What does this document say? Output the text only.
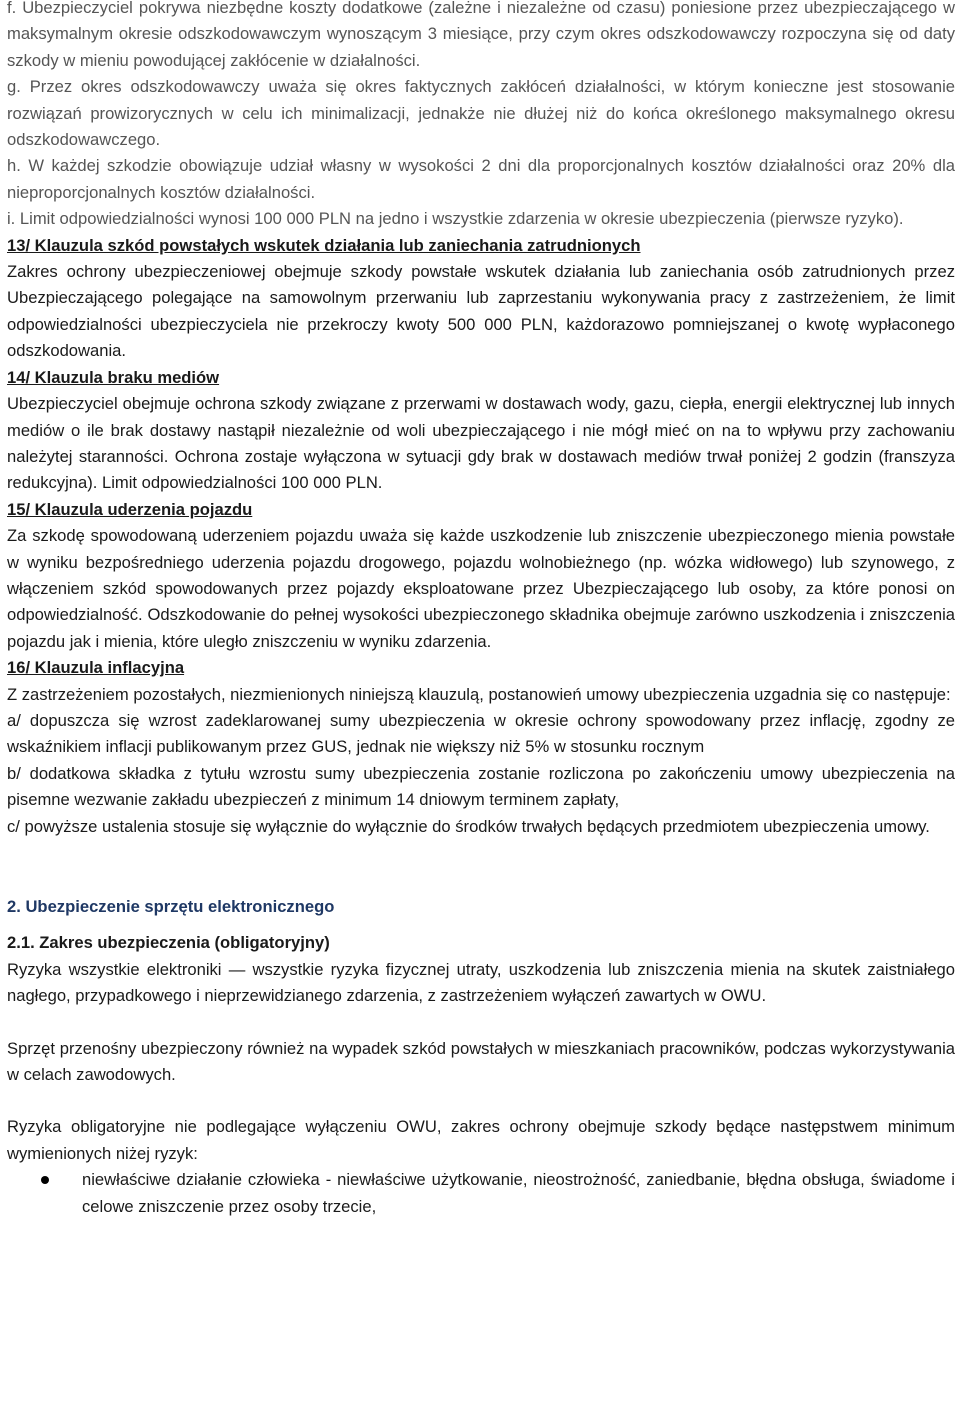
f. Ubezpieczyciel pokrywa niezbędne koszty dodatkowe (zależne i niezależne od czasu) poniesione przez ubezpieczającego w maksymalnym okresie odszkodowawczym wynoszącym 3 miesiące, przy czym okres odszkodowawczy rozpoczyna się od daty szkody w mieniu powodującej zakłócenie w działalności.

g. Przez okres odszkodowawczy uważa się okres faktycznych zakłóceń działalności, w którym konieczne jest stosowanie rozwiązań prowizorycznych w celu ich minimalizacji, jednakże nie dłużej niż do końca określonego maksymalnego okresu odszkodowawczego.

h. W każdej szkodzie obowiązuje udział własny w wysokości 2 dni dla proporcjonalnych kosztów działalności oraz 20% dla nieproporcjonalnych kosztów działalności.

i. Limit odpowiedzialności wynosi 100 000 PLN na jedno i wszystkie zdarzenia w okresie ubezpieczenia (pierwsze ryzyko).

13/ Klauzula szkód powstałych wskutek działania lub zaniechania zatrudnionych

Zakres ochrony ubezpieczeniowej obejmuje szkody powstałe wskutek działania lub zaniechania osób zatrudnionych przez Ubezpieczającego polegające na samowolnym przerwaniu lub zaprzestaniu wykonywania pracy z zastrzeżeniem, że limit odpowiedzialności ubezpieczyciela nie przekroczy kwoty 500 000 PLN, każdorazowo pomniejszanej o kwotę wypłaconego odszkodowania.

14/ Klauzula braku mediów

Ubezpieczyciel obejmuje ochrona szkody związane z przerwami w dostawach wody, gazu, ciepła, energii elektrycznej lub innych mediów o ile brak dostawy nastąpił niezależnie od woli ubezpieczającego i nie mógł mieć on na to wpływu przy zachowaniu należytej staranności. Ochrona zostaje wyłączona w sytuacji gdy brak w dostawach mediów trwał poniżej 2 godzin (franszyza redukcyjna). Limit odpowiedzialności 100 000 PLN.

15/ Klauzula uderzenia pojazdu

Za szkodę spowodowaną uderzeniem pojazdu uważa się każde uszkodzenie lub zniszczenie ubezpieczonego mienia powstałe w wyniku bezpośredniego uderzenia pojazdu drogowego, pojazdu wolnobieżnego (np. wózka widłowego) lub szynowego, z włączeniem szkód spowodowanych przez pojazdy eksploatowane przez Ubezpieczającego lub osoby, za które ponosi on odpowiedzialność. Odszkodowanie do pełnej wysokości ubezpieczonego składnika obejmuje zarówno uszkodzenia i zniszczenia pojazdu jak i mienia, które uległo zniszczeniu w wyniku zdarzenia.

16/ Klauzula inflacyjna

Z zastrzeżeniem pozostałych, niezmienionych niniejszą klauzulą, postanowień umowy ubezpieczenia uzgadnia się co następuje:

a/ dopuszcza się wzrost zadeklarowanej sumy ubezpieczenia w okresie ochrony spowodowany przez inflację, zgodny ze wskaźnikiem inflacji publikowanym przez GUS, jednak nie większy niż 5% w stosunku rocznym

b/ dodatkowa składka z tytułu wzrostu sumy ubezpieczenia zostanie rozliczona po zakończeniu umowy ubezpieczenia na pisemne wezwanie zakładu ubezpieczeń z minimum 14 dniowym terminem zapłaty,

c/ powyższe ustalenia stosuje się wyłącznie do wyłącznie do środków trwałych będących przedmiotem ubezpieczenia umowy.

2. Ubezpieczenie sprzętu elektronicznego

2.1. Zakres ubezpieczenia (obligatoryjny)

Ryzyka wszystkie elektroniki — wszystkie ryzyka fizycznej utraty, uszkodzenia lub zniszczenia mienia na skutek zaistniałego nagłego, przypadkowego i nieprzewidzianego zdarzenia, z zastrzeżeniem wyłączeń zawartych w OWU.

Sprzęt przenośny ubezpieczony również na wypadek szkód powstałych w mieszkaniach pracowników, podczas wykorzystywania w celach zawodowych.

Ryzyka obligatoryjne nie podlegające wyłączeniu OWU, zakres ochrony obejmuje szkody będące następstwem minimum wymienionych niżej ryzyk:

niewłaściwe działanie człowieka - niewłaściwe użytkowanie, nieostrożność, zaniedbanie, błędna obsługa, świadome i celowe zniszczenie przez osoby trzecie,
